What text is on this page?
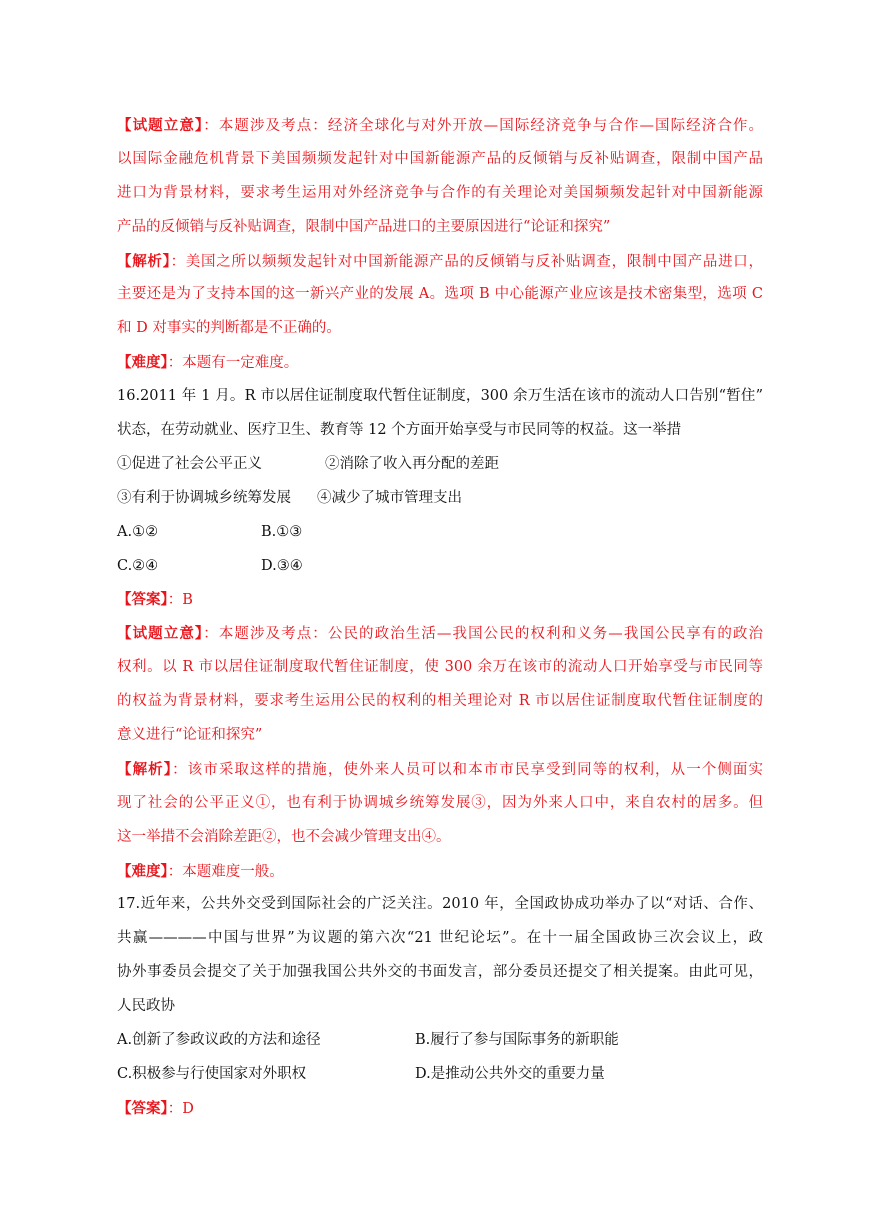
【试题立意】：本题涉及考点：经济全球化与对外开放—国际经济竞争与合作—国际经济合作。
以国际金融危机背景下美国频频发起针对中国新能源产品的反倾销与反补贴调查，限制中国产品
进口为背景材料，要求考生运用对外经济竞争与合作的有关理论对美国频频发起针对中国新能源
产品的反倾销与反补贴调查，限制中国产品进口的主要原因进行“论证和探究”
【解析】：美国之所以频频发起针对中国新能源产品的反倾销与反补贴调查，限制中国产品进口，
主要还是为了支持本国的这一新兴产业的发展 A。选项 B 中心能源产业应该是技术密集型，选项 C
和 D 对事实的判断都是不正确的。
【难度】：本题有一定难度。
16.2011 年 1 月。R 市以居住证制度取代暂住证制度，300 余万生活在该市的流动人口告别“暂住”
状态，在劳动就业、医疗卫生、教育等 12 个方面开始享受与市民同等的权益。这一举措
①促进了社会公平正义	②消除了收入再分配的差距
③有利于协调城乡统筹发展 ④减少了城市管理支出
A.①②	B.①③
C.②④	D.③④
【答案】：B
【试题立意】：本题涉及考点：公民的政治生活—我国公民的权利和义务—我国公民享有的政治
权利。以 R 市以居住证制度取代暂住证制度，使 300 余万在该市的流动人口开始享受与市民同等
的权益为背景材料，要求考生运用公民的权利的相关理论对 R 市以居住证制度取代暂住证制度的
意义进行“论证和探究”
【解析】：该市采取这样的措施，使外来人员可以和本市市民享受到同等的权利，从一个侧面实
现了社会的公平正义①，也有利于协调城乡统筹发展③，因为外来人口中，来自农村的居多。但
这一举措不会消除差距②，也不会减少管理支出④。
【难度】：本题难度一般。
17.近年来，公共外交受到国际社会的广泛关注。2010 年，全国政协成功举办了以“对话、合作、
共赢————中国与世界”为议题的第六次“21 世纪论坛”。在十一届全国政协三次会议上，政
协外事委员会提交了关于加强我国公共外交的书面发言，部分委员还提交了相关提案。由此可见，
人民政协
A.创新了参政议政的方法和途径	B.履行了参与国际事务的新职能
C.积极参与行使国家对外职权	D.是推动公共外交的重要力量
【答案】：D
